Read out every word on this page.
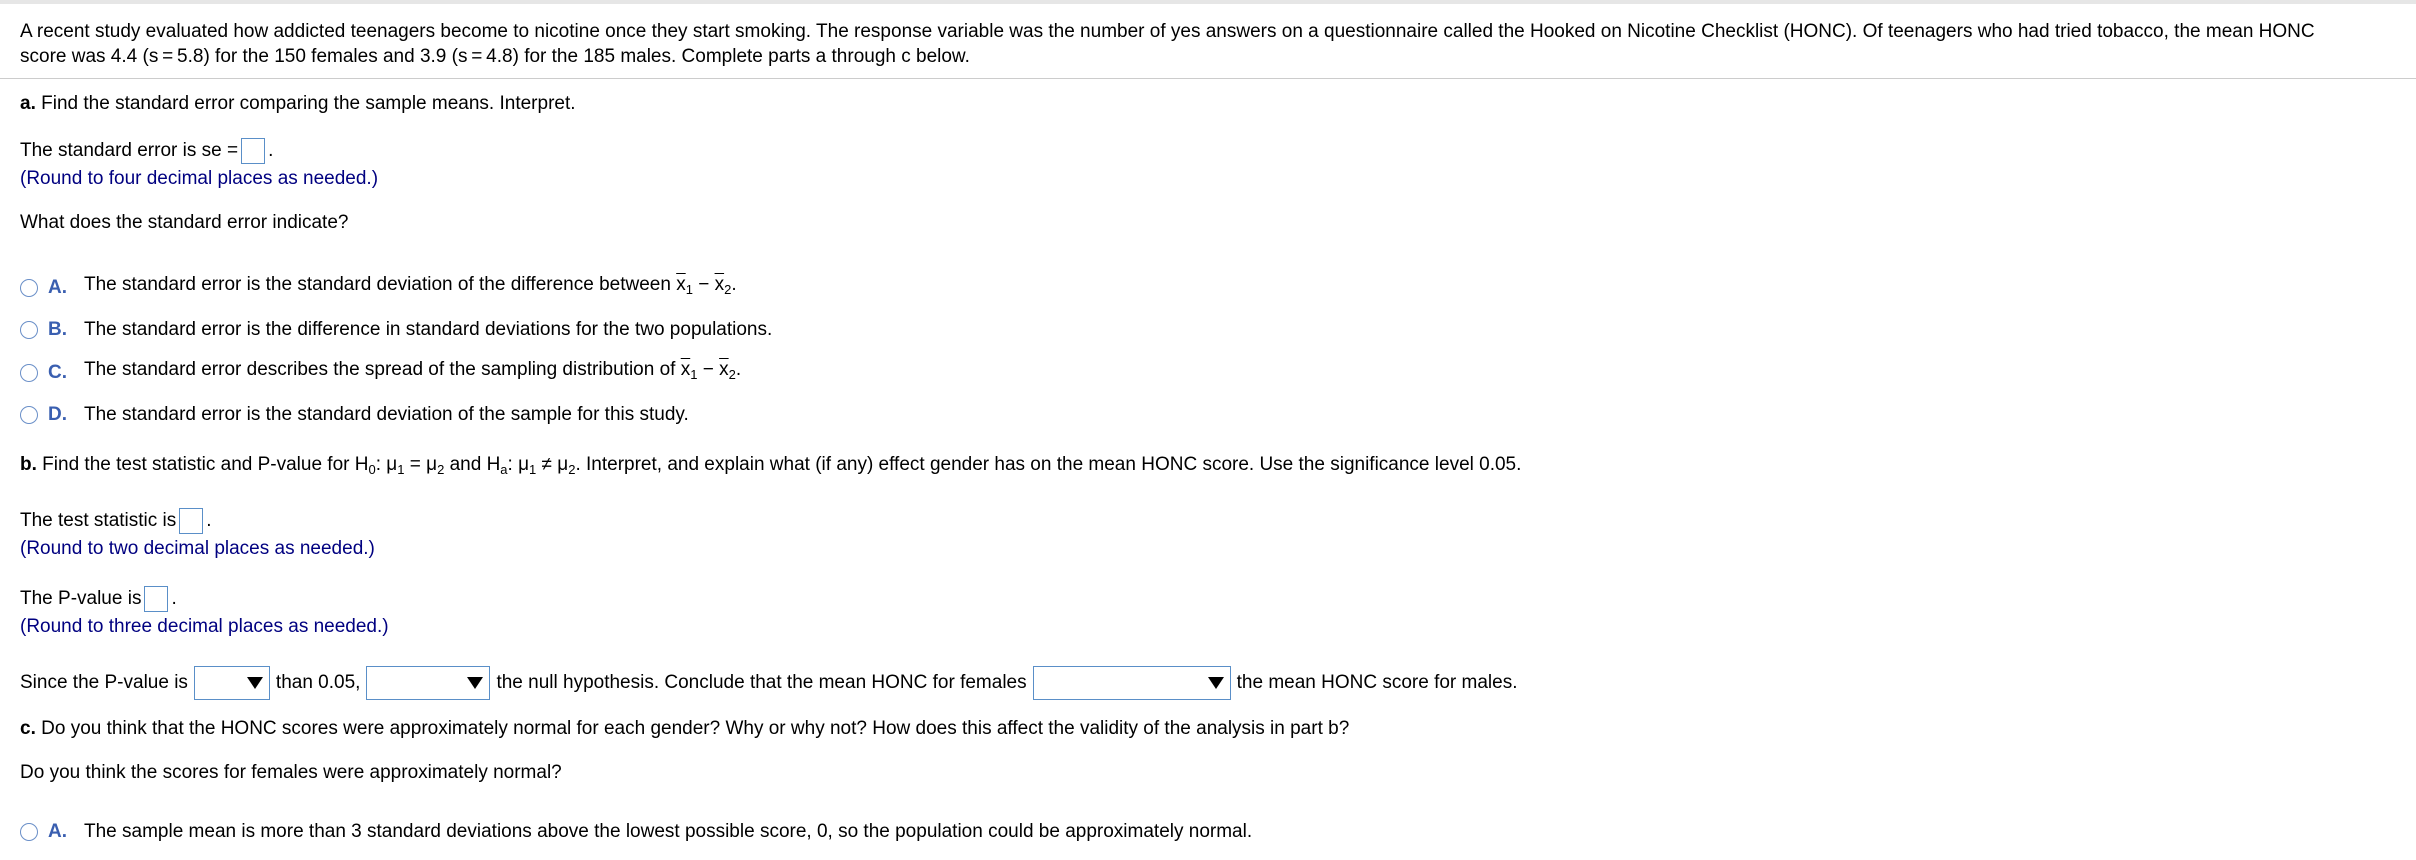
A recent study evaluated how addicted teenagers become to nicotine once they start smoking. The response variable was the number of yes answers on a questionnaire called the Hooked on Nicotine Checklist (HONC). Of teenagers who had tried tobacco, the mean HONC
score was 4.4 (s = 5.8) for the 150 females and 3.9 (s = 4.8) for the 185 males. Complete parts a through c below.
a. Find the standard error comparing the sample means. Interpret.
The standard error is se = .
(Round to four decimal places as needed.)
What does the standard error indicate?
A. The standard error is the standard deviation of the difference between $\overline{x}_1 - \overline{x}_2$.
B. The standard error is the difference in standard deviations for the two populations.
C. The standard error describes the spread of the sampling distribution of $\overline{x}_1 - \overline{x}_2$.
D. The standard error is the standard deviation of the sample for this study.
b. Find the test statistic and P-value for $H_0$: $\mu_1 = \mu_2$ and $H_a$: $\mu_1 \ne \mu_2$. Interpret, and explain what (if any) effect gender has on the mean HONC score. Use the significance level 0.05.
The test statistic is .
(Round to two decimal places as needed.)
The P-value is .
(Round to three decimal places as needed.)
Since the P-value is	than 0.05,	the null hypothesis. Conclude that the mean HONC for females	the mean HONC score for males.
c. Do you think that the HONC scores were approximately normal for each gender? Why or why not? How does this affect the validity of the analysis in part b?
Do you think the scores for females were approximately normal?
A. The sample mean is more than 3 standard deviations above the lowest possible score, 0, so the population could be approximately normal.
